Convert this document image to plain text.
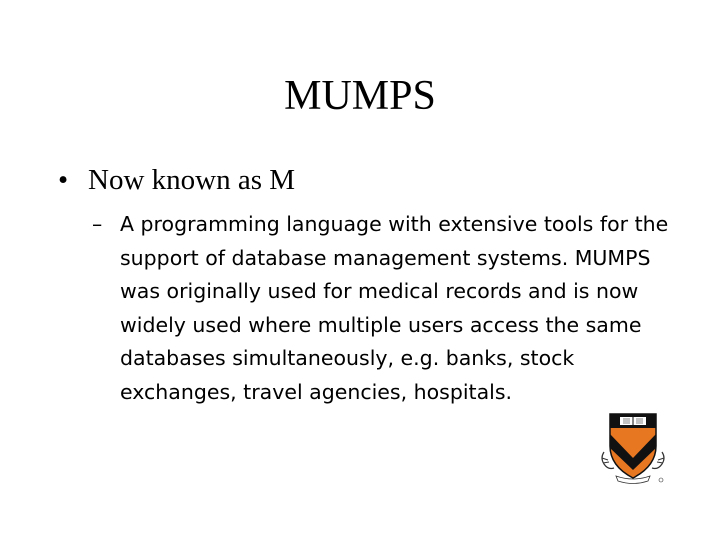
MUMPS
• Now known as M
– A programming language with extensive tools for the support of database management systems. MUMPS was originally used for medical records and is now widely used where multiple users access the same databases simultaneously, e.g. banks, stock exchanges, travel agencies, hospitals.
